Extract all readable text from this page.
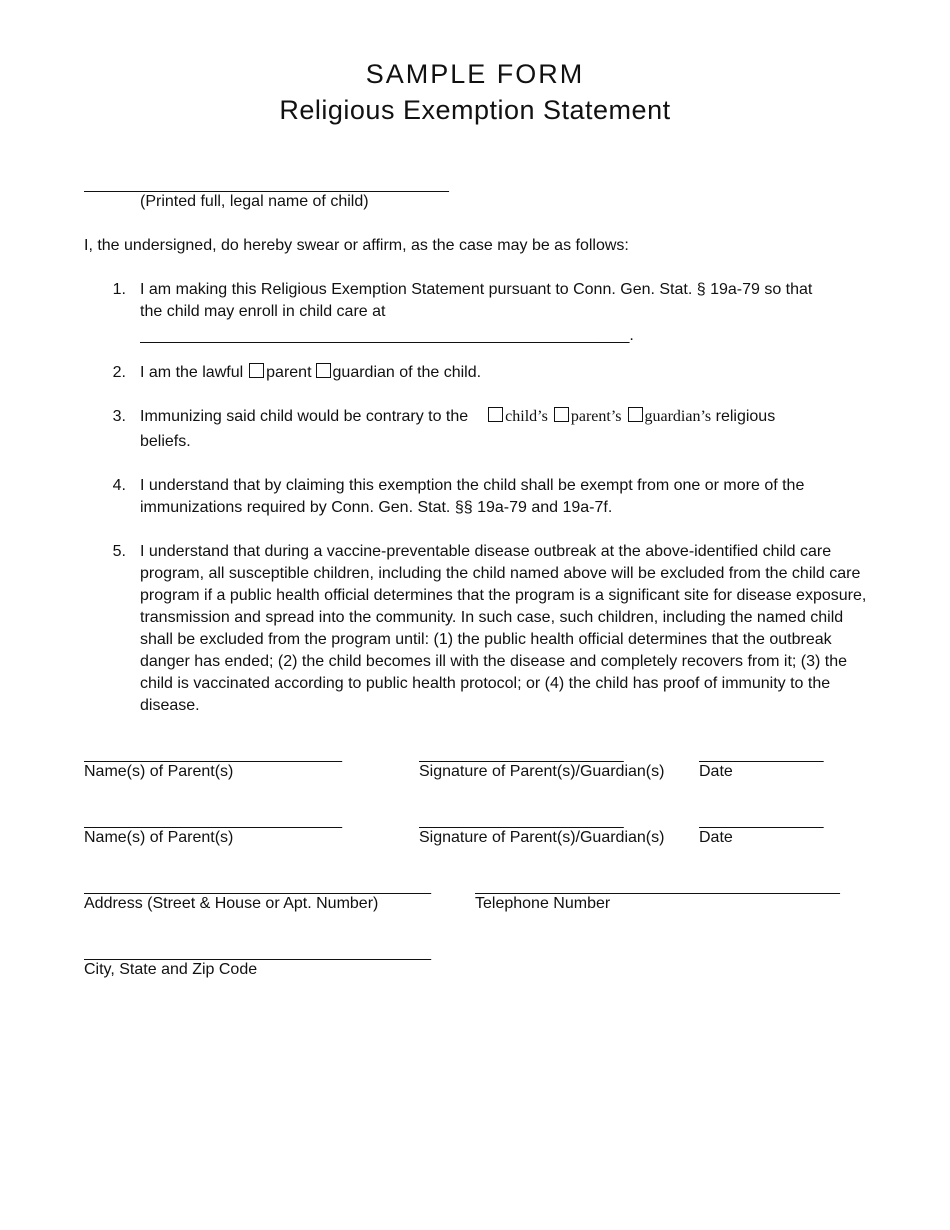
SAMPLE FORM
Religious Exemption Statement
_________________________________________
(Printed full, legal name of child)
I, the undersigned, do hereby swear or affirm, as the case may be as follows:
1. I am making this Religious Exemption Statement pursuant to Conn. Gen. Stat. § 19a-79 so that
the child may enroll in child care at
_______________________________________________________.
2. I am the lawful parent guardian of the child.
3. Immunizing said child would be contrary to the child’s parent’s guardian’s religious
beliefs.
4. I understand that by claiming this exemption the child shall be exempt from one or more of the immunizations required by Conn. Gen. Stat. §§ 19a-79 and 19a-7f.
5. I understand that during a vaccine-preventable disease outbreak at the above-identified child care program, all susceptible children, including the child named above will be excluded from the child care program if a public health official determines that the program is a significant site for disease exposure, transmission and spread into the community. In such case, such children, including the named child shall be excluded from the program until: (1) the public health official determines that the outbreak danger has ended; (2) the child becomes ill with the disease and completely recovers from it; (3) the child is vaccinated according to public health protocol; or (4) the child has proof of immunity to the disease.
_____________________________
Name(s) of Parent(s)
_______________________
Signature of Parent(s)/Guardian(s)
______________
Date
_____________________________
Name(s) of Parent(s)
_______________________
Signature of Parent(s)/Guardian(s)
______________
Date
_______________________________________
Address (Street & House or Apt. Number)
_________________________________________
Telephone Number
_______________________________________
City, State and Zip Code
